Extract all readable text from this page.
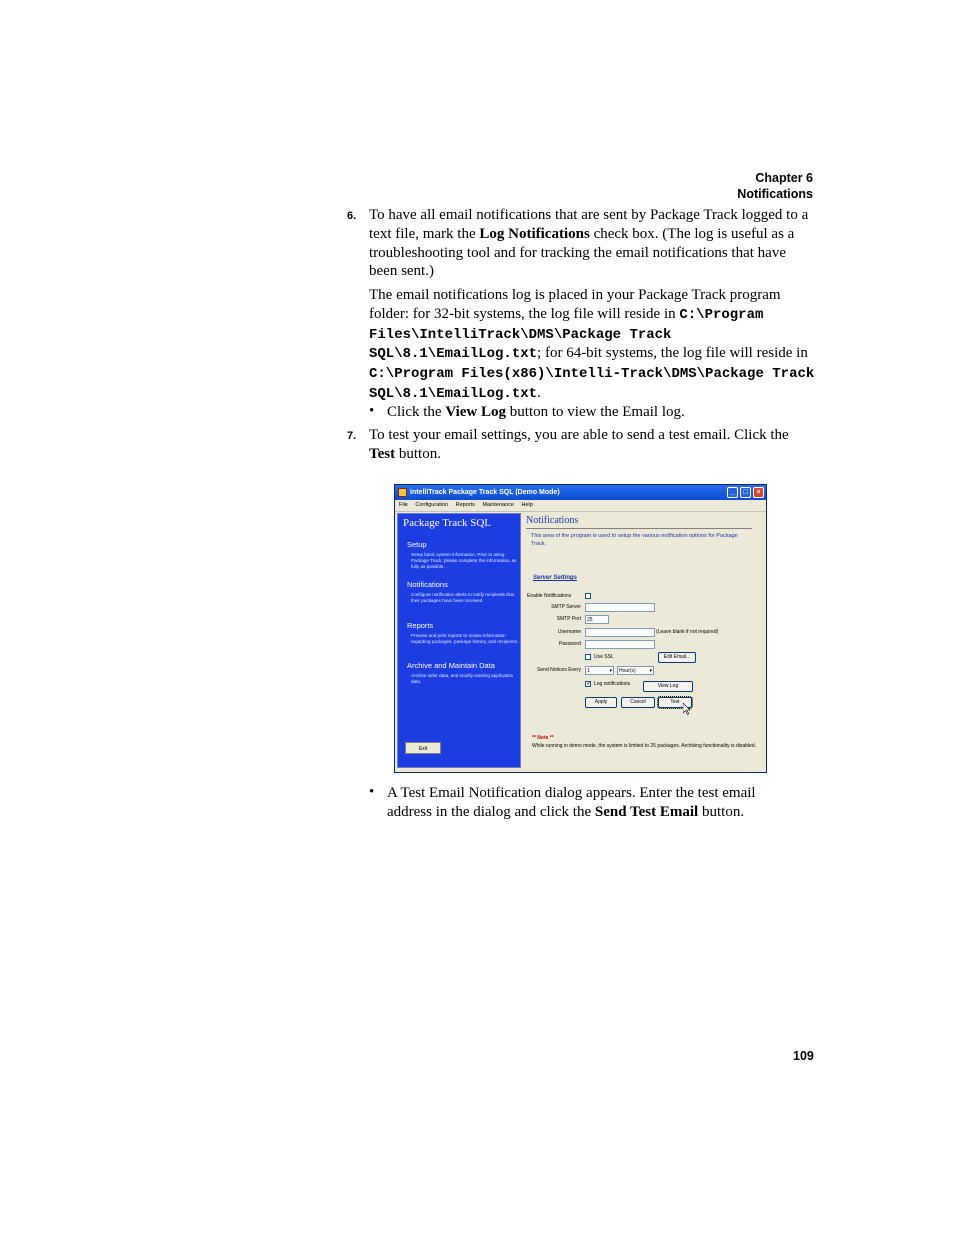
Chapter 6
Notifications
6. To have all email notifications that are sent by Package Track logged to a text file, mark the Log Notifications check box. (The log is useful as a troubleshooting tool and for tracking the email notifications that have been sent.)
The email notifications log is placed in your Package Track program folder: for 32-bit systems, the log file will reside in C:\Program Files\IntelliTrack\DMS\Package Track SQL\8.1\EmailLog.txt; for 64-bit systems, the log file will reside in C:\Program Files(x86)\Intelli-Track\DMS\Package Track SQL\8.1\EmailLog.txt.
• Click the View Log button to view the Email log.
7. To test your email settings, you are able to send a test email. Click the Test button.
IntelliTrack Package Track SQL (Demo Mode)	_	□	×
File Configuration Reports Maintenance Help
Package Track SQL
Setup
Setup basic system information. Prior to using Package Track, please complete the information, as fully as possible.
Notifications
Configure notification alerts to notify recipients that their packages have been received.
Reports
Preview and print reports to review information regarding packages, package history, and recipients.
Archive and Maintain Data
Archive older data, and modify existing application data.
Exit
Notifications
This area of the program is used to setup the various notification options for Package Track.
Server Settings
Enable Notifications
SMTP Server
SMTP Port	25
Username	(Leave blank if not required)
Password
Use SSL	Edit Email...
Send Notices Every	1	▾	Hour(s)	▾
✓ Log notifications	View Log
Apply	Cancel	Test
** Note **
While running in demo mode, the system is limited to 25 packages. Archiving functionality is disabled.
• A Test Email Notification dialog appears. Enter the test email address in the dialog and click the Send Test Email button.
109
